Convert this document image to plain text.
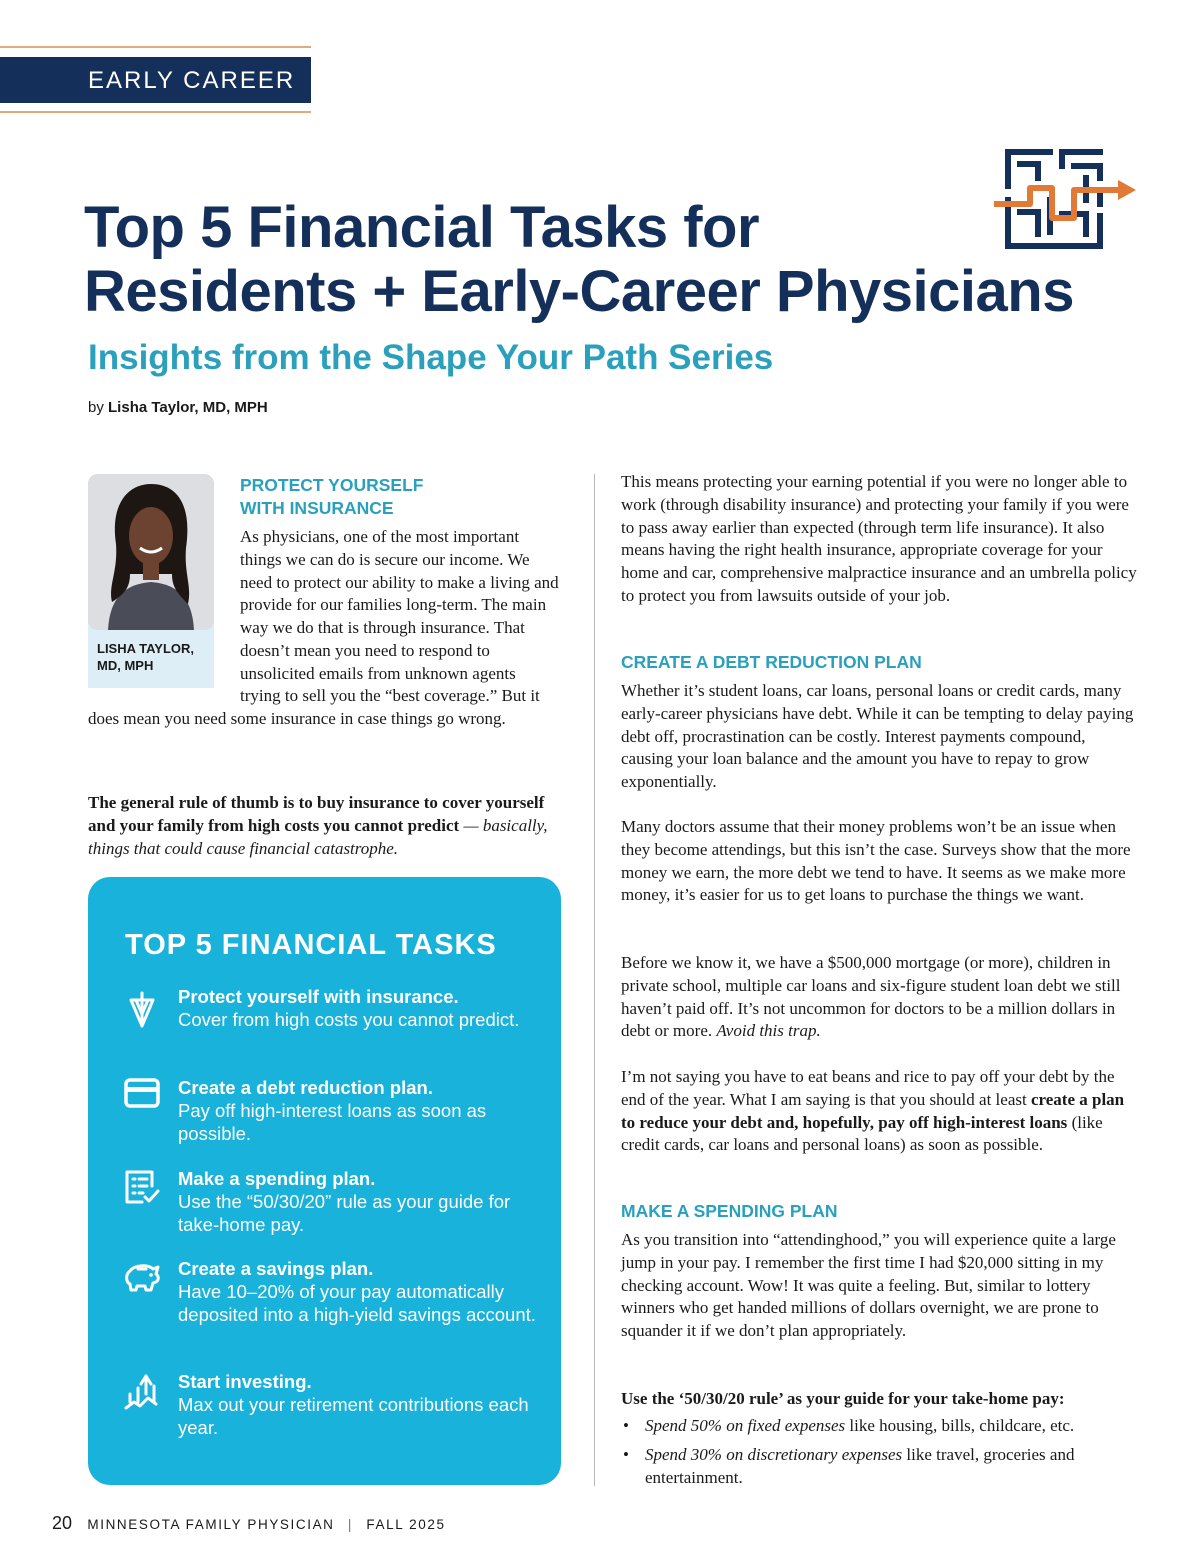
EARLY CAREER
Top 5 Financial Tasks for
Residents + Early-Career Physicians
Insights from the Shape Your Path Series
by Lisha Taylor, MD, MPH
LISHA TAYLOR,
MD, MPH

PROTECT YOURSELF

WITH INSURANCE

As physicians, one of the most important things we can do is secure our income. We need to protect our ability to make a living and provide for our families long-term. The main way we do that is through insurance. That doesn’t mean you need to respond to unsolicited emails from unknown agents trying to sell you the “best coverage.” But it does mean you need some insurance in case things go wrong.

The general rule of thumb is to buy insurance to cover yourself and your family from high costs you cannot predict — basically, things that could cause financial catastrophe.

TOP 5 FINANCIAL TASKS
Protect yourself with insurance.
Cover from high costs you cannot predict.
Create a debt reduction plan.
Pay off high-interest loans as soon as possible.
Make a spending plan.
Use the “50/30/20” rule as your guide for take-home pay.
Create a savings plan.
Have 10–20% of your pay automatically deposited into a high-yield savings account.
Start investing.
Max out your retirement contributions each year.

This means protecting your earning potential if you were no longer able to work (through disability insurance) and protecting your family if you were to pass away earlier than expected (through term life insurance). It also means having the right health insurance, appropriate coverage for your home and car, comprehensive malpractice insurance and an umbrella policy to protect you from lawsuits outside of your job.

CREATE A DEBT REDUCTION PLAN

Whether it’s student loans, car loans, personal loans or credit cards, many early-career physicians have debt. While it can be tempting to delay paying debt off, procrastination can be costly. Interest payments compound, causing your loan balance and the amount you have to repay to grow exponentially.

Many doctors assume that their money problems won’t be an issue when they become attendings, but this isn’t the case. Surveys show that the more money we earn, the more debt we tend to have. It seems as we make more money, it’s easier for us to get loans to purchase the things we want.

Before we know it, we have a $500,000 mortgage (or more), children in private school, multiple car loans and six-figure student loan debt we still haven’t paid off. It’s not uncommon for doctors to be a million dollars in debt or more. Avoid this trap.

I’m not saying you have to eat beans and rice to pay off your debt by the end of the year. What I am saying is that you should at least create a plan to reduce your debt and, hopefully, pay off high-interest loans (like credit cards, car loans and personal loans) as soon as possible.

MAKE A SPENDING PLAN

As you transition into “attendinghood,” you will experience quite a large jump in your pay. I remember the first time I had $20,000 sitting in my checking account. Wow! It was quite a feeling. But, similar to lottery winners who get handed millions of dollars overnight, we are prone to squander it if we don’t plan appropriately.

Use the ‘50/30/20 rule’ as your guide for your take-home pay:

• Spend 50% on fixed expenses like housing, bills, childcare, etc.
• Spend 30% on discretionary expenses like travel, groceries and entertainment.
20 MINNESOTA FAMILY PHYSICIAN | FALL 2025
